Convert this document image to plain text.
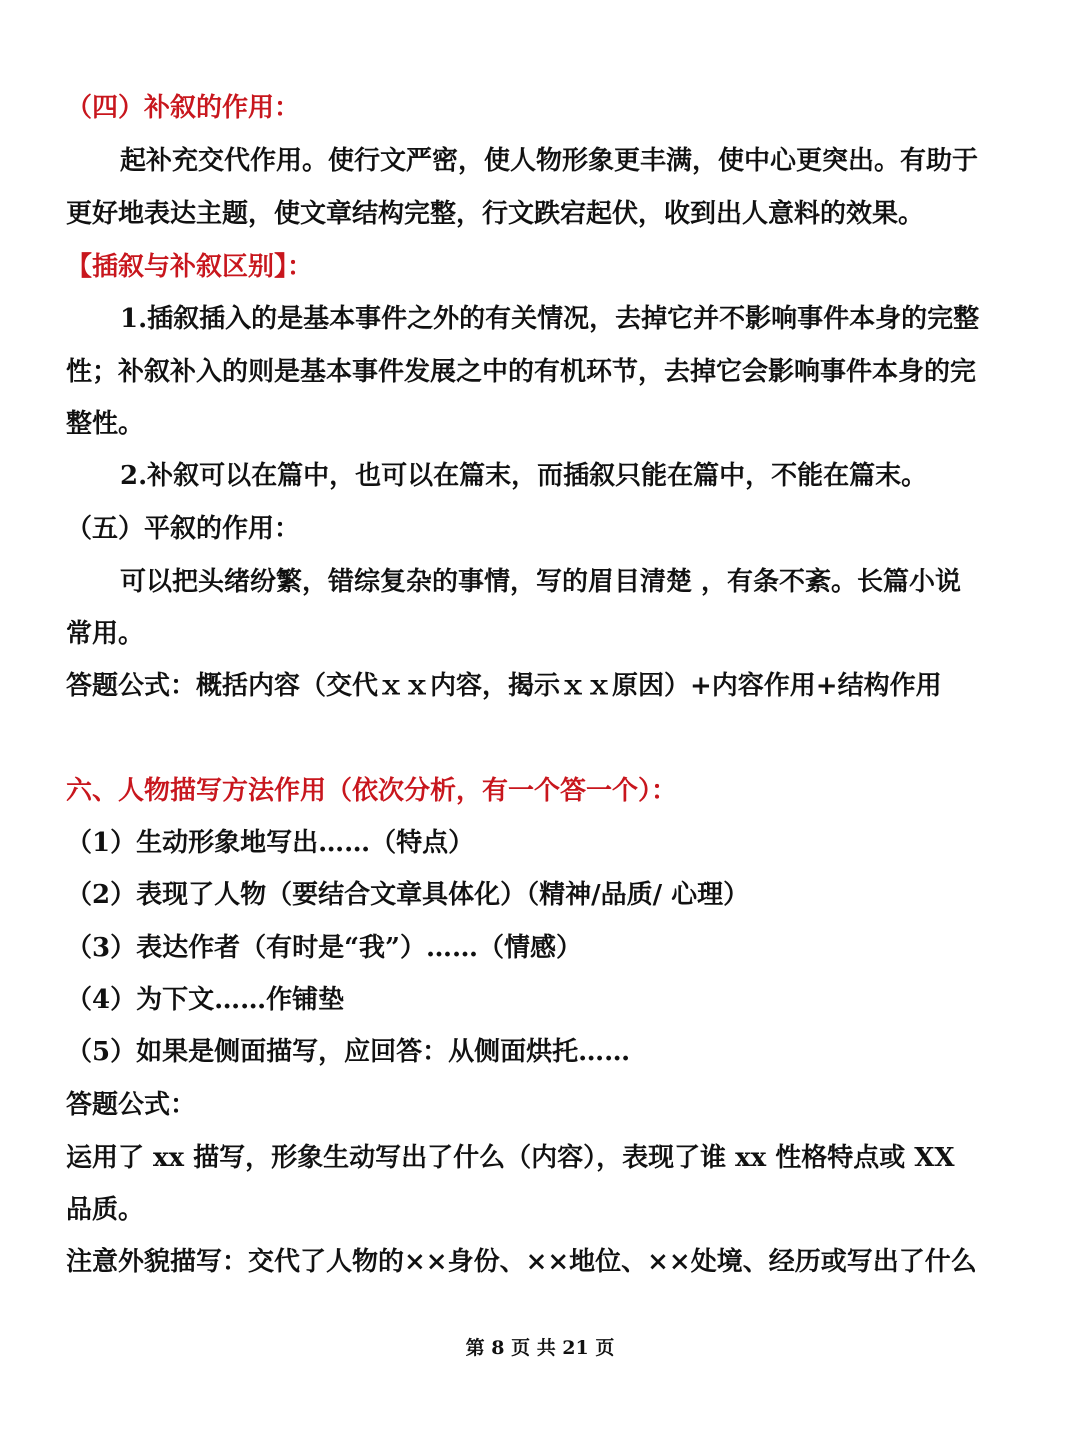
（四）补叙的作用：
起补充交代作用。使行文严密，使人物形象更丰满，使中心更突出。有助于
更好地表达主题，使文章结构完整，行文跌宕起伏，收到出人意料的效果。
【插叙与补叙区别】：
1.插叙插入的是基本事件之外的有关情况，去掉它并不影响事件本身的完整
性；补叙补入的则是基本事件发展之中的有机环节，去掉它会影响事件本身的完
整性。
2.补叙可以在篇中，也可以在篇末，而插叙只能在篇中，不能在篇末。
（五）平叙的作用：
可以把头绪纷繁，错综复杂的事情，写的眉目清楚 ，有条不紊。长篇小说
常用。
答题公式：概括内容（交代ｘｘ内容，揭示ｘｘ原因）+内容作用+结构作用
六、人物描写方法作用（依次分析，有一个答一个）：
（1）生动形象地写出……（特点）
（2）表现了人物（要结合文章具体化）（精神/品质/ 心理）
（3）表达作者（有时是“我”）……（情感）
（4）为下文……作铺垫
（5）如果是侧面描写，应回答：从侧面烘托……
答题公式：
运用了 xx 描写，形象生动写出了什么（内容），表现了谁 xx 性格特点或 XX
品质。
注意外貌描写：交代了人物的××身份、××地位、××处境、经历或写出了什么
第 8 页 共 21 页
